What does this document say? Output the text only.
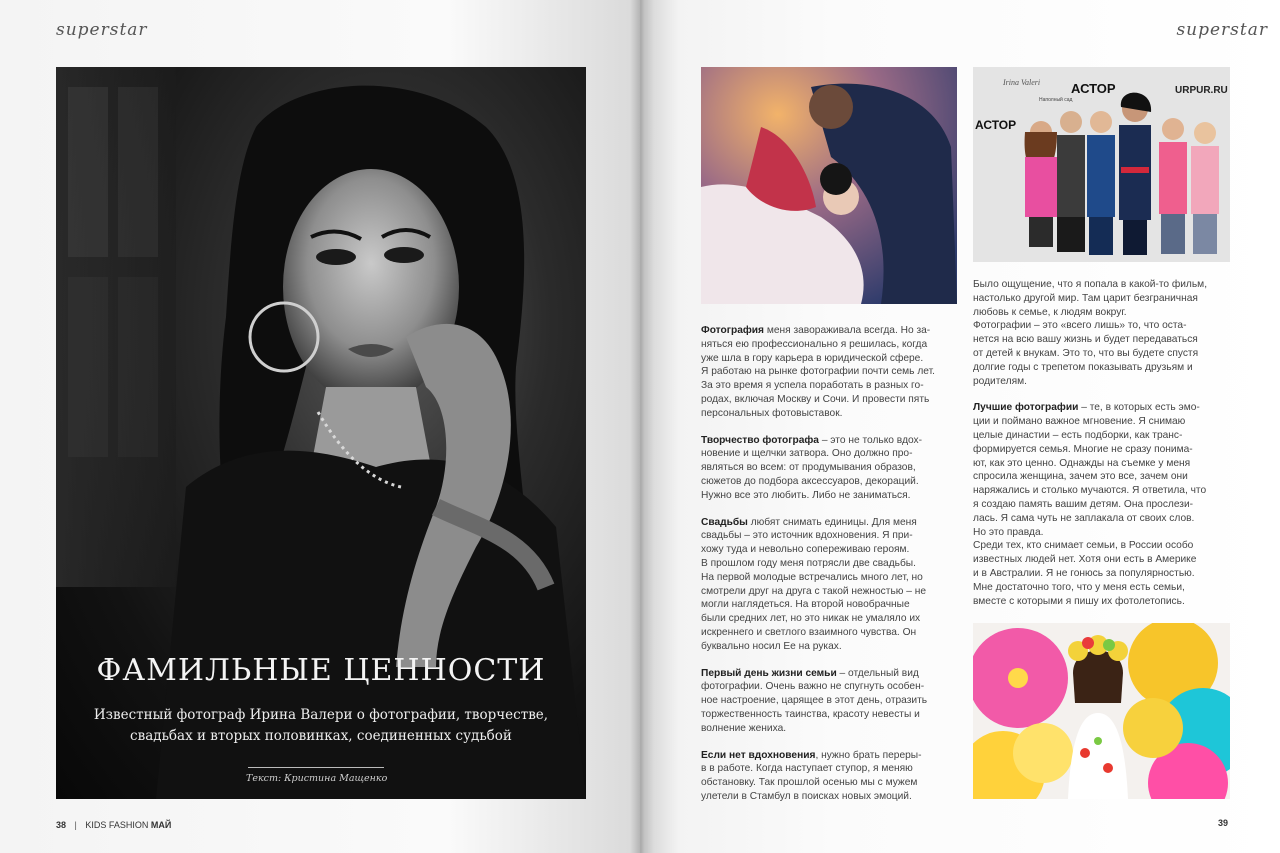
superstar
ФАМИЛЬНЫЕ ЦЕННОСТИ
Известный фотограф Ирина Валери о фотографии, творчестве,
свадьбах и вторых половинках, соединенных судьбой
Текст: Кристина Мащенко
38 | KIDS FASHION МАЙ
superstar
Irina Valeri АСТОР	URPUR.RU
Наполный сад
АСТОР
Фотография меня завораживала всегда. Но за-
няться ею профессионально я решилась, когда
уже шла в гору карьера в юридической сфере.
Я работаю на рынке фотографии почти семь лет.
За это время я успела поработать в разных го-
родах, включая Москву и Сочи. И провести пять
персональных фотовыставок.
Творчество фотографа – это не только вдох-
новение и щелчки затвора. Оно должно про-
являться во всем: от продумывания образов,
сюжетов до подбора аксессуаров, декораций.
Нужно все это любить. Либо не заниматься.
Свадьбы любят снимать единицы. Для меня
свадьбы – это источник вдохновения. Я при-
хожу туда и невольно сопереживаю героям.
В прошлом году меня потрясли две свадьбы.
На первой молодые встречались много лет, но
смотрели друг на друга с такой нежностью – не
могли наглядеться. На второй новобрачные
были средних лет, но это никак не умаляло их
искреннего и светлого взаимного чувства. Он
буквально носил Ее на руках.
Первый день жизни семьи – отдельный вид
фотографии. Очень важно не спугнуть особен-
ное настроение, царящее в этот день, отразить
торжественность таинства, красоту невесты и
волнение жениха.
Если нет вдохновения, нужно брать переры-
в в работе. Когда наступает ступор, я меняю
обстановку. Так прошлой осенью мы с мужем
улетели в Стамбул в поисках новых эмоций.
Было ощущение, что я попала в какой-то фильм,
настолько другой мир. Там царит безграничная
любовь к семье, к людям вокруг.
Фотографии – это «всего лишь» то, что оста-
нется на всю вашу жизнь и будет передаваться
от детей к внукам. Это то, что вы будете спустя
долгие годы с трепетом показывать друзьям и
родителям.
Лучшие фотографии – те, в которых есть эмо-
ции и пойманo важное мгновение. Я снимаю
целые династии – есть подборки, как транс-
формируется семья. Многие не сразу понима-
ют, как это ценно. Однажды на съемке у меня
спросила женщина, зачем это все, зачем они
наряжались и столько мучаются. Я ответила, что
я создаю память вашим детям. Она прослези-
лась. Я сама чуть не заплакала от своих слов.
Но это правда.
Среди тех, кто снимает семьи, в России особо
известных людей нет. Хотя они есть в Америке
и в Австралии. Я не гонюсь за популярностью.
Мне достаточно того, что у меня есть семьи,
вместе с которыми я пишу их фотолетопись.
39
